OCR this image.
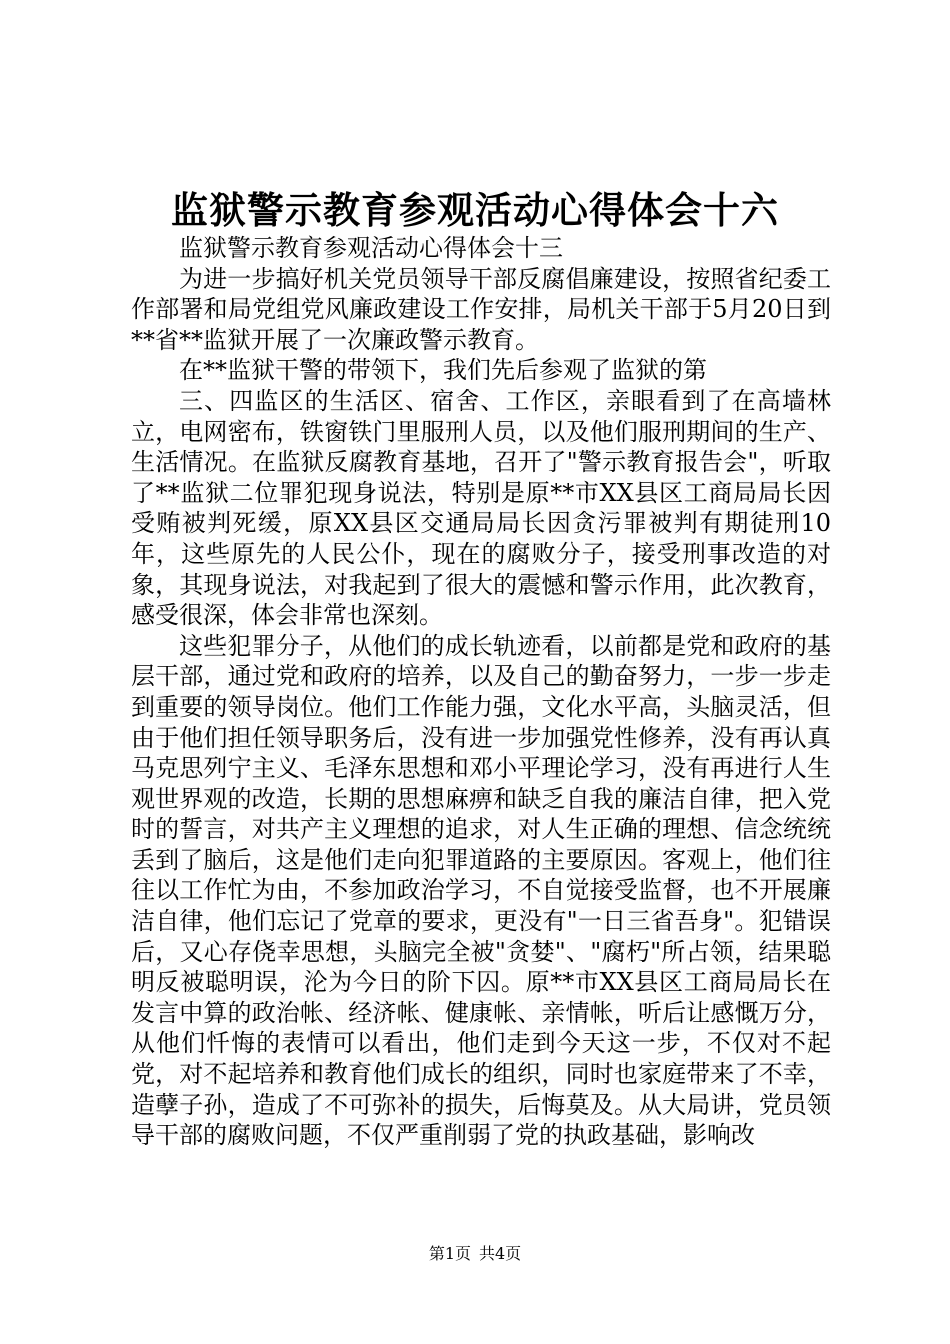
监狱警示教育参观活动心得体会十六

监狱警示教育参观活动心得体会十三

为进一步搞好机关党员领导干部反腐倡廉建设，按照省纪委工作部署和局党组党风廉政建设工作安排，局机关干部于5月20日到**省**监狱开展了一次廉政警示教育。

在**监狱干警的带领下，我们先后参观了监狱的第

三、四监区的生活区、宿舍、工作区，亲眼看到了在高墙林立，电网密布，铁窗铁门里服刑人员，以及他们服刑期间的生产、生活情况。在监狱反腐教育基地，召开了"警示教育报告会"，听取了**监狱二位罪犯现身说法，特别是原**市XX县区工商局局长因受贿被判死缓，原XX县区交通局局长因贪污罪被判有期徒刑10年，这些原先的人民公仆，现在的腐败分子，接受刑事改造的对象，其现身说法，对我起到了很大的震憾和警示作用，此次教育，感受很深，体会非常也深刻。

这些犯罪分子，从他们的成长轨迹看，以前都是党和政府的基层干部，通过党和政府的培养，以及自己的勤奋努力，一步一步走到重要的领导岗位。他们工作能力强，文化水平高，头脑灵活，但由于他们担任领导职务后，没有进一步加强党性修养，没有再认真马克思列宁主义、毛泽东思想和邓小平理论学习，没有再进行人生观世界观的改造，长期的思想麻痹和缺乏自我的廉洁自律，把入党时的誓言，对共产主义理想的追求，对人生正确的理想、信念统统丢到了脑后，这是他们走向犯罪道路的主要原因。客观上，他们往往以工作忙为由，不参加政治学习，不自觉接受监督，也不开展廉洁自律，他们忘记了党章的要求，更没有"一日三省吾身"。犯错误后，又心存侥幸思想，头脑完全被"贪婪"、"腐朽"所占领，结果聪明反被聪明误，沦为今日的阶下囚。原**市XX县区工商局局长在发言中算的政治帐、经济帐、健康帐、亲情帐，听后让感慨万分，从他们忏悔的表情可以看出，他们走到今天这一步，不仅对不起党，对不起培养和教育他们成长的组织，同时也家庭带来了不幸，造孽子孙，造成了不可弥补的损失，后悔莫及。从大局讲，党员领导干部的腐败问题，不仅严重削弱了党的执政基础，影响改

第1页 共4页
